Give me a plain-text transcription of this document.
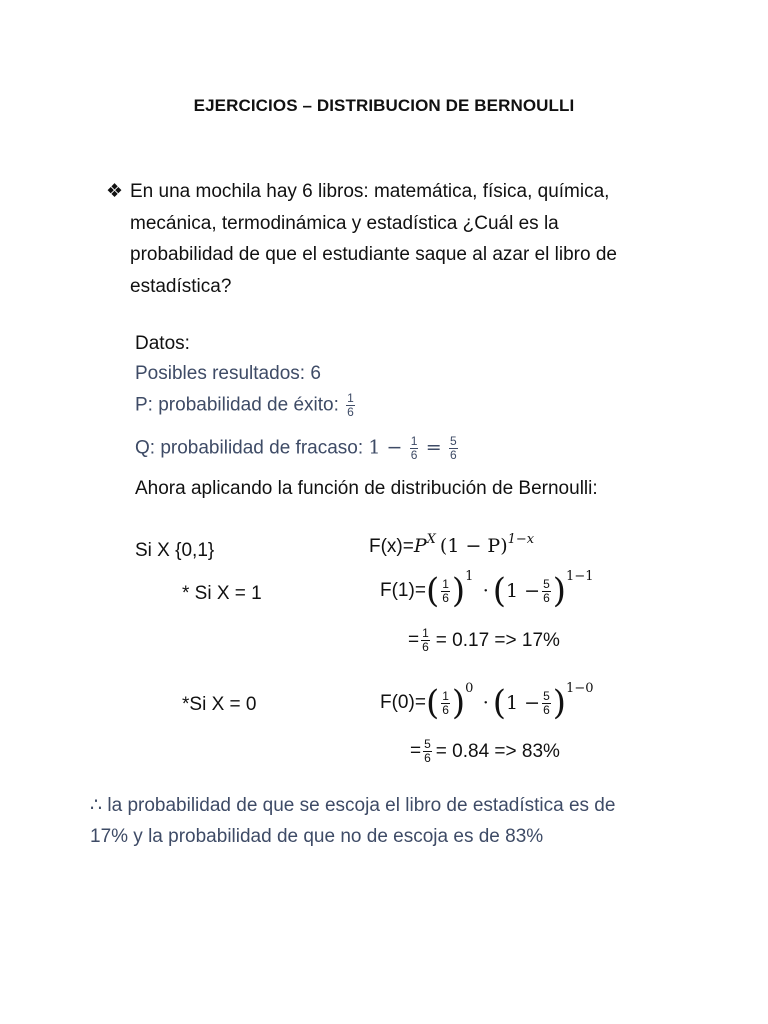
EJERCICIOS – DISTRIBUCION DE BERNOULLI
❖ En una mochila hay 6 libros: matemática, física, química,
mecánica, termodinámica y estadística ¿Cuál es la
probabilidad de que el estudiante saque al azar el libro de
estadística?
Datos:
Posibles resultados: 6
P: probabilidad de éxito: $\frac{1}{6}$
Q: probabilidad de fracaso: $1 - \frac{1}{6} = \frac{5}{6}$
Ahora aplicando la función de distribución de Bernoulli:
Si X {0,1}	$F(x)=P^X$ $(1 - P)^{1-x}$
* Si X = 1	$F(1)=( \frac{1}{6} )^1 \cdot (1 - \frac{5}{6} )^{1-1}$
= $\frac{1}{6} = 0.17 => 17\%$
*Si X = 0	$F(0)=( \frac{1}{6} )^0 \cdot (1 - \frac{5}{6} )^{1-0}$
= $\frac{5}{6} = 0.84 => 83\%$
∴ la probabilidad de que se escoja el libro de estadística es de
17% y la probabilidad de que no de escoja es de 83%
